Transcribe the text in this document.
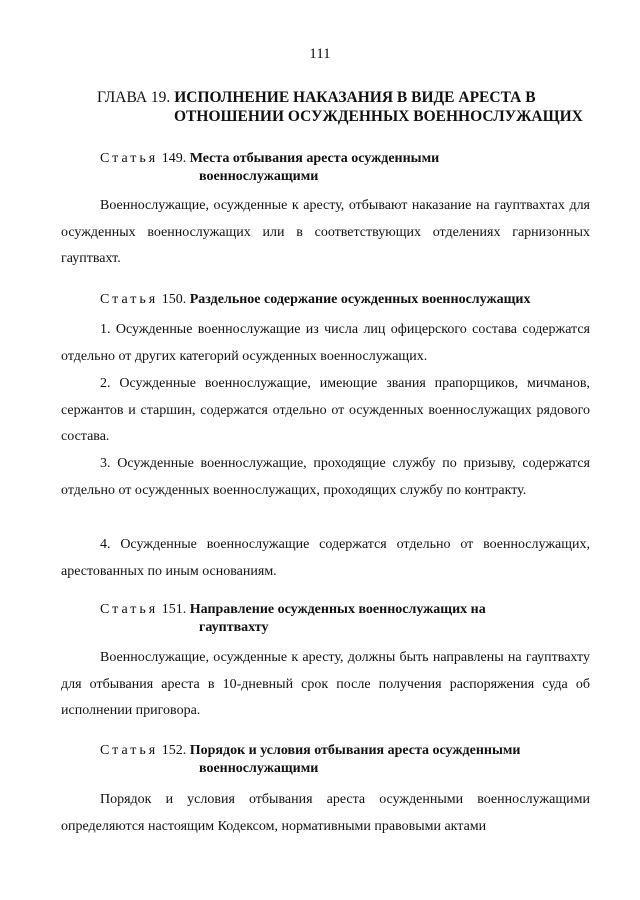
111
ГЛАВА 19. ИСПОЛНЕНИЕ НАКАЗАНИЯ В ВИДЕ АРЕСТА В
ОТНОШЕНИИ ОСУЖДЕННЫХ ВОЕННОСЛУЖАЩИХ
Статья 149. Места отбывания ареста осужденными
военнослужащими

Военнослужащие, осужденные к аресту, отбывают наказание на гауптвахтах для осужденных военнослужащих или в соответствующих отделениях гарнизонных гауптвахт.

Статья 150. Раздельное содержание осужденных военнослужащих

1. Осужденные военнослужащие из числа лиц офицерского состава содержатся отдельно от других категорий осужденных военнослужащих.

2. Осужденные военнослужащие, имеющие звания прапорщиков, мичманов, сержантов и старшин, содержатся отдельно от осужденных военнослужащих рядового состава.

3. Осужденные военнослужащие, проходящие службу по призыву, содержатся отдельно от осужденных военнослужащих, проходящих службу по контракту.

4. Осужденные военнослужащие содержатся отдельно от военнослужащих, арестованных по иным основаниям.

Статья 151. Направление осужденных военнослужащих на
гауптвахту

Военнослужащие, осужденные к аресту, должны быть направлены на гауптвахту для отбывания ареста в 10-дневный срок после получения распоряжения суда об исполнении приговора.

Статья 152. Порядок и условия отбывания ареста осужденными
военнослужащими

Порядок и условия отбывания ареста осужденными военнослужащими определяются настоящим Кодексом, нормативными правовыми актами
